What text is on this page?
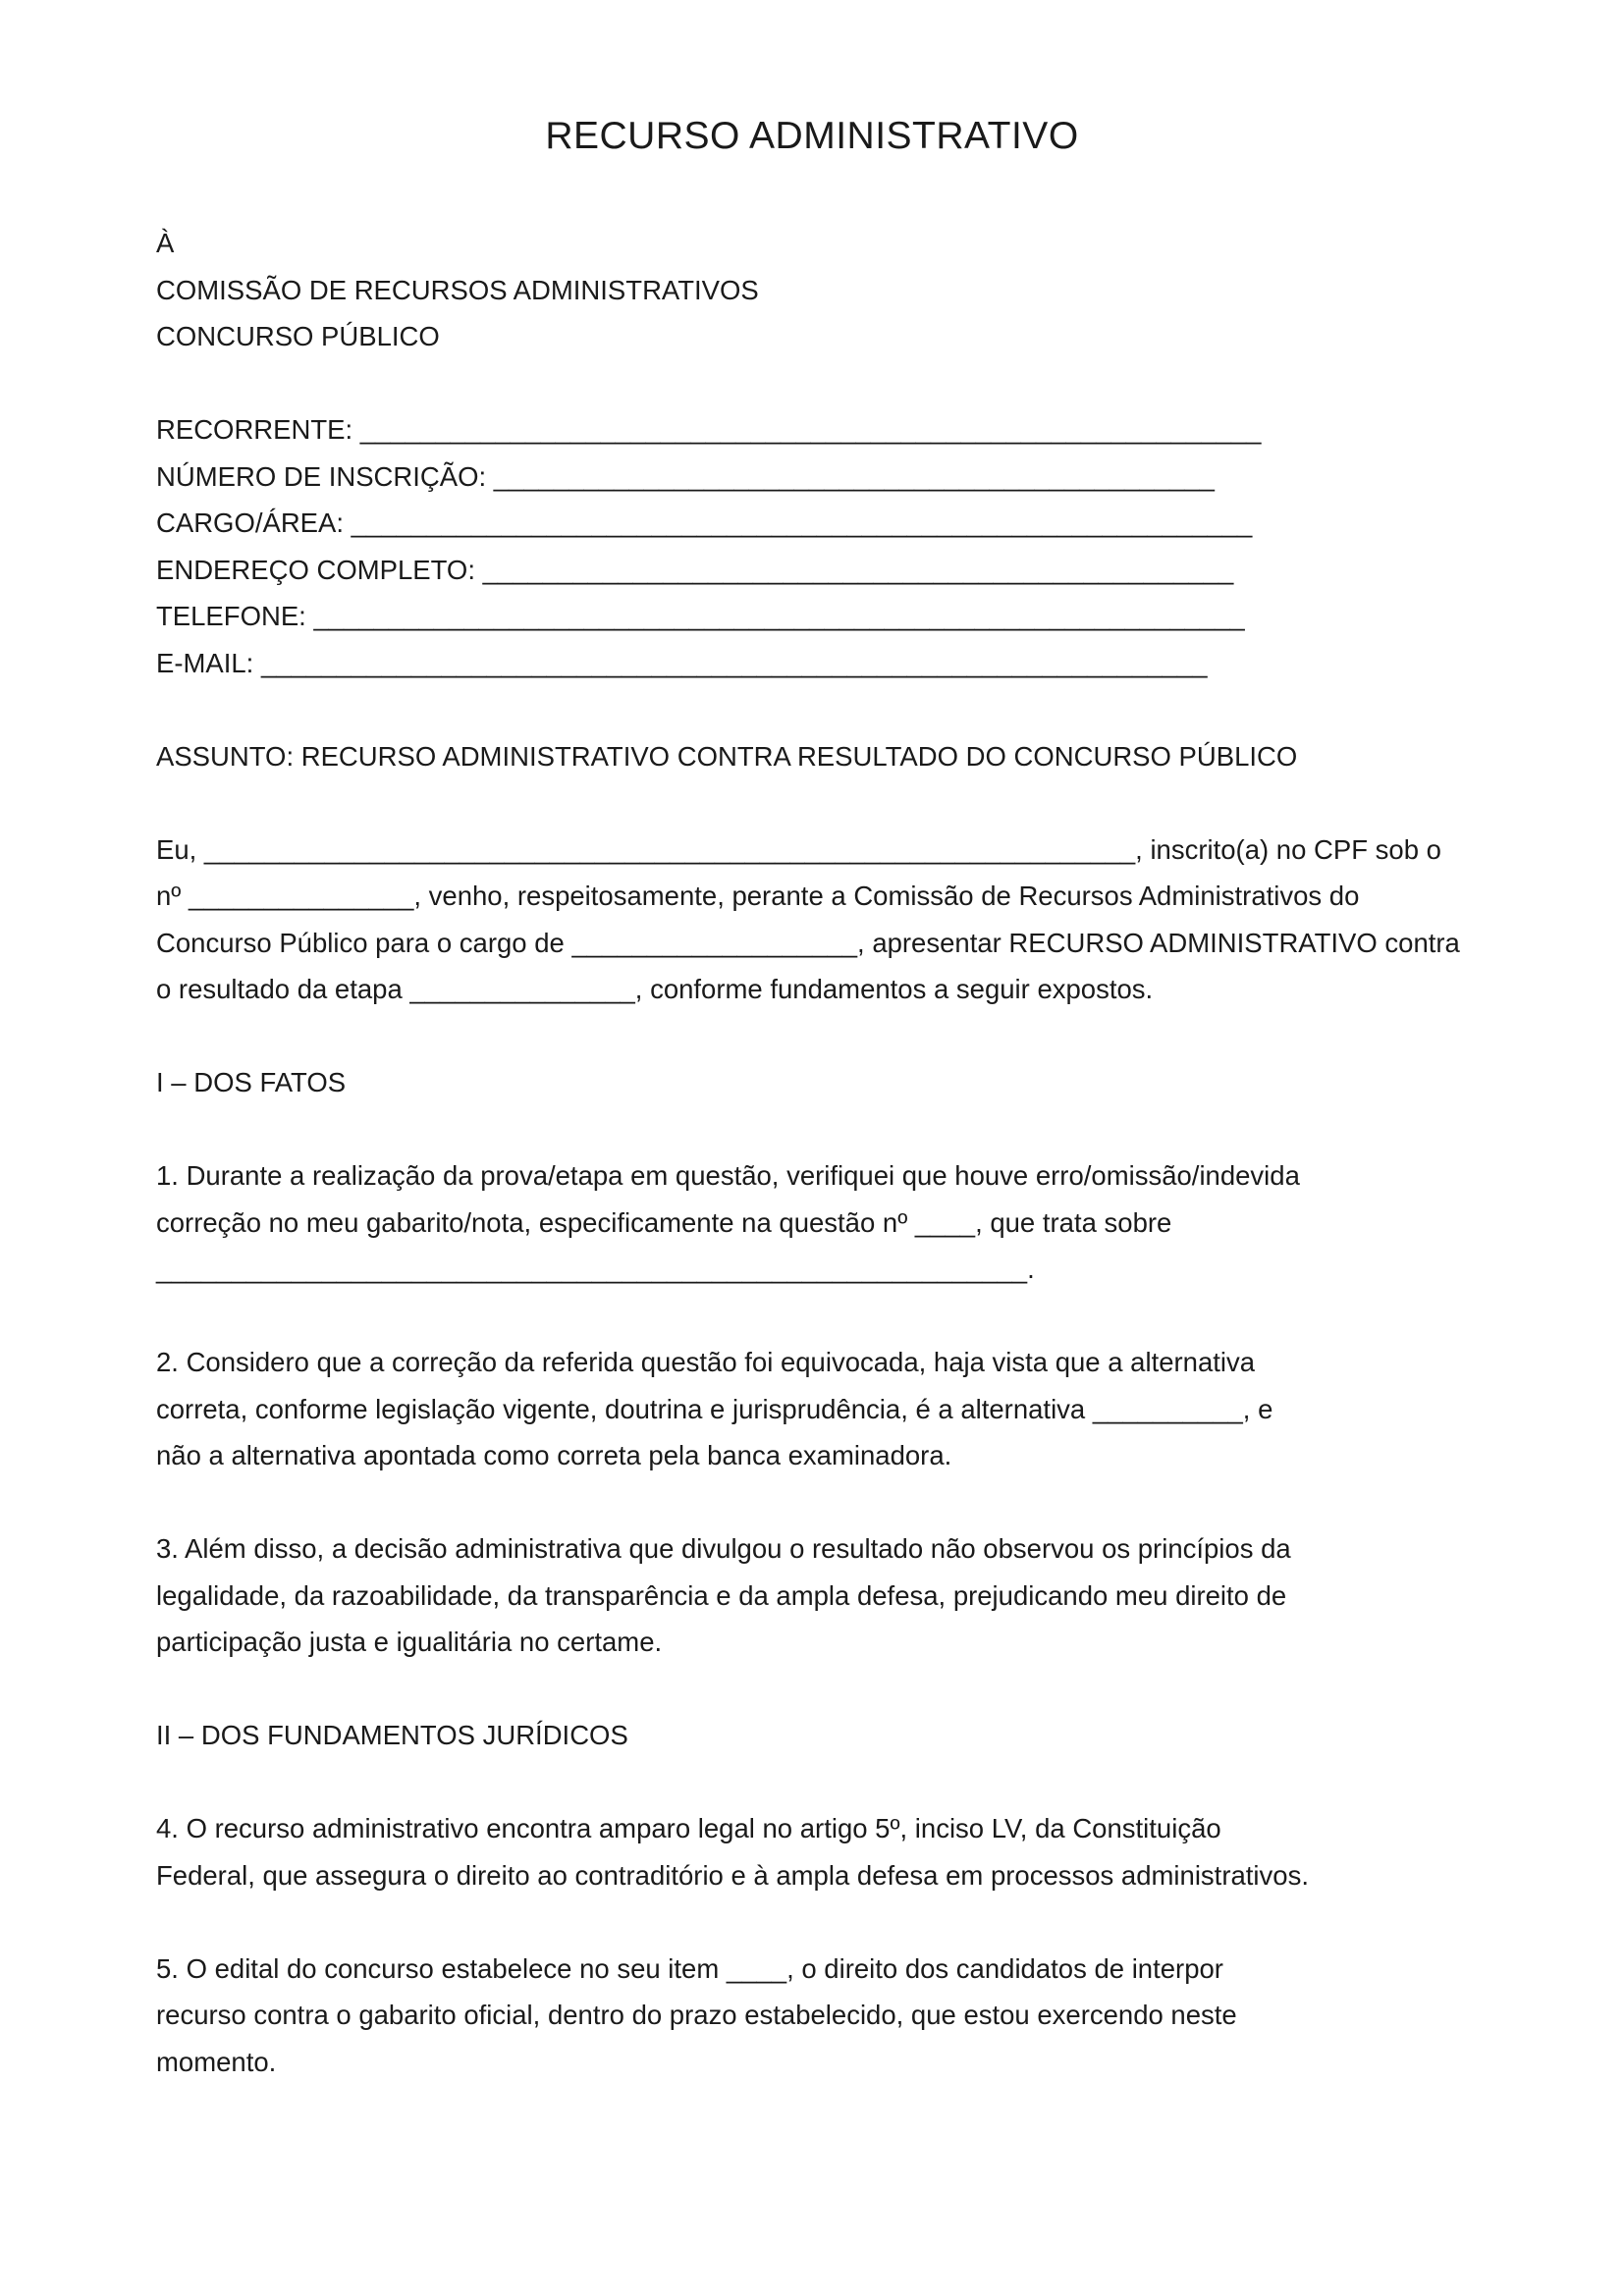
RECURSO ADMINISTRATIVO
À
COMISSÃO DE RECURSOS ADMINISTRATIVOS
CONCURSO PÚBLICO
RECORRENTE: ____________________________________________________________
NÚMERO DE INSCRIÇÃO: ________________________________________________
CARGO/ÁREA: ____________________________________________________________
ENDEREÇO COMPLETO: __________________________________________________
TELEFONE: ______________________________________________________________
E-MAIL: _______________________________________________________________
ASSUNTO: RECURSO ADMINISTRATIVO CONTRA RESULTADO DO CONCURSO PÚBLICO
Eu, ______________________________________________________________, inscrito(a) no CPF sob o
nº _______________, venho, respeitosamente, perante a Comissão de Recursos Administrativos do
Concurso Público para o cargo de ___________________, apresentar RECURSO ADMINISTRATIVO contra
o resultado da etapa _______________, conforme fundamentos a seguir expostos.
I – DOS FATOS
1. Durante a realização da prova/etapa em questão, verifiquei que houve erro/omissão/indevida
correção no meu gabarito/nota, especificamente na questão nº ____, que trata sobre
__________________________________________________________.
2. Considero que a correção da referida questão foi equivocada, haja vista que a alternativa
correta, conforme legislação vigente, doutrina e jurisprudência, é a alternativa __________, e
não a alternativa apontada como correta pela banca examinadora.
3. Além disso, a decisão administrativa que divulgou o resultado não observou os princípios da
legalidade, da razoabilidade, da transparência e da ampla defesa, prejudicando meu direito de
participação justa e igualitária no certame.
II – DOS FUNDAMENTOS JURÍDICOS
4. O recurso administrativo encontra amparo legal no artigo 5º, inciso LV, da Constituição
Federal, que assegura o direito ao contraditório e à ampla defesa em processos administrativos.
5. O edital do concurso estabelece no seu item ____, o direito dos candidatos de interpor
recurso contra o gabarito oficial, dentro do prazo estabelecido, que estou exercendo neste
momento.
